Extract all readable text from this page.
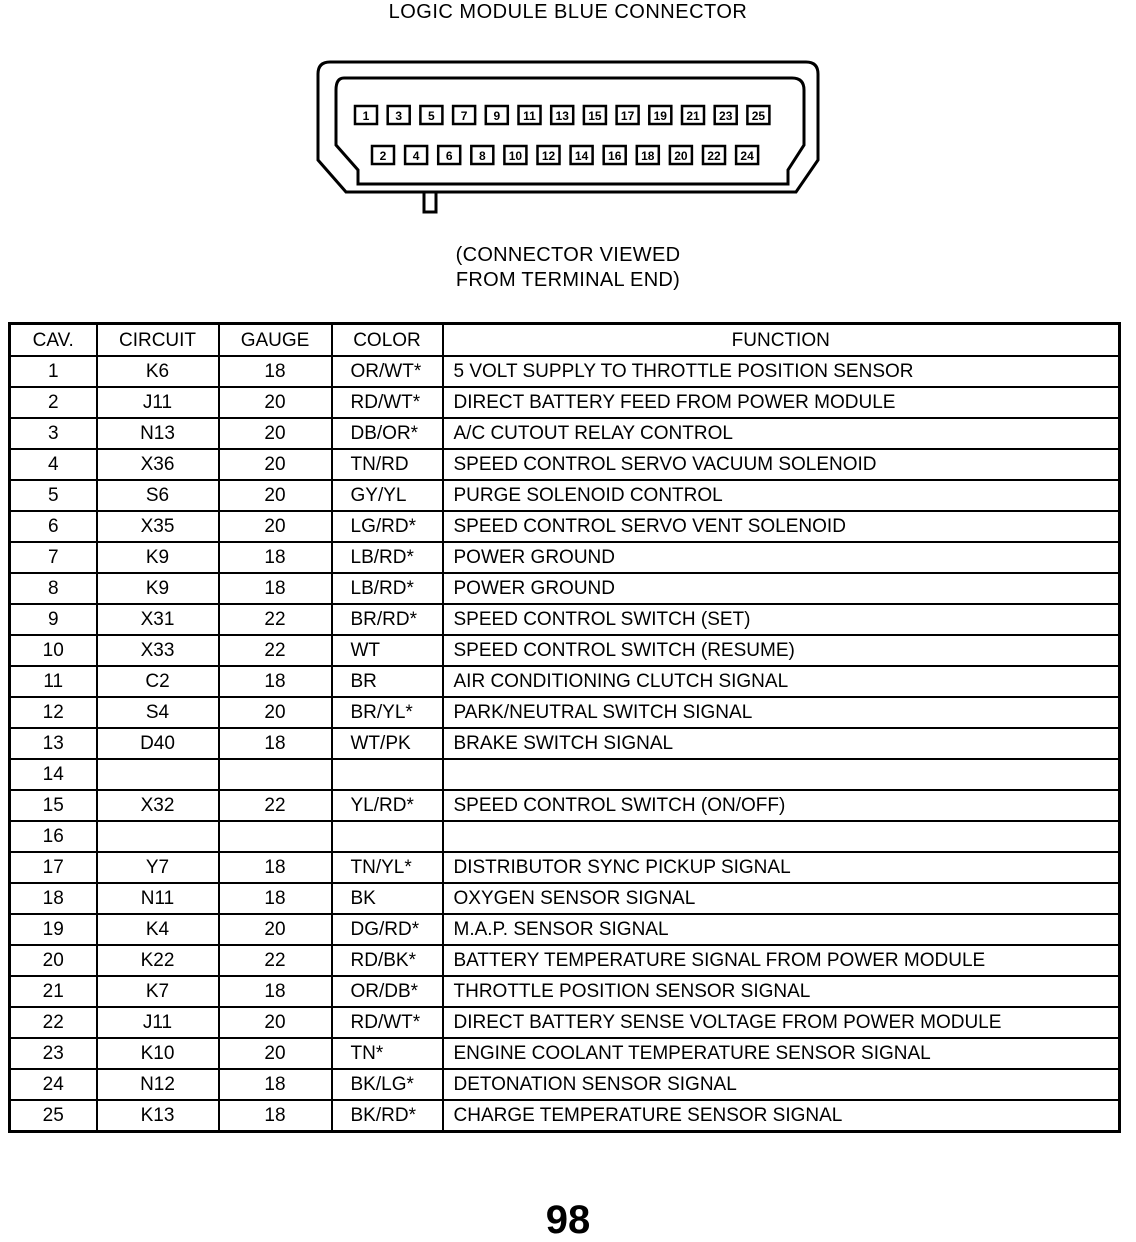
LOGIC MODULE BLUE CONNECTOR
1 3 5 7 9 11 13 15 17 19 21 23 25
2 4 6 8 10 12 14 16 18 20 22 24
(CONNECTOR VIEWED
FROM TERMINAL END)
CAV.	CIRCUIT	GAUGE	COLOR	FUNCTION
1	K6	18	OR/WT*	5 VOLT SUPPLY TO THROTTLE POSITION SENSOR
2	J11	20	RD/WT*	DIRECT BATTERY FEED FROM POWER MODULE
3	N13	20	DB/OR*	A/C CUTOUT RELAY CONTROL
4	X36	20	TN/RD	SPEED CONTROL SERVO VACUUM SOLENOID
5	S6	20	GY/YL	PURGE SOLENOID CONTROL
6	X35	20	LG/RD*	SPEED CONTROL SERVO VENT SOLENOID
7	K9	18	LB/RD*	POWER GROUND
8	K9	18	LB/RD*	POWER GROUND
9	X31	22	BR/RD*	SPEED CONTROL SWITCH (SET)
10	X33	22	WT	SPEED CONTROL SWITCH (RESUME)
11	C2	18	BR	AIR CONDITIONING CLUTCH SIGNAL
12	S4	20	BR/YL*	PARK/NEUTRAL SWITCH SIGNAL
13	D40	18	WT/PK	BRAKE SWITCH SIGNAL
14				
15	X32	22	YL/RD*	SPEED CONTROL SWITCH (ON/OFF)
16				
17	Y7	18	TN/YL*	DISTRIBUTOR SYNC PICKUP SIGNAL
18	N11	18	BK	OXYGEN SENSOR SIGNAL
19	K4	20	DG/RD*	M.A.P. SENSOR SIGNAL
20	K22	22	RD/BK*	BATTERY TEMPERATURE SIGNAL FROM POWER MODULE
21	K7	18	OR/DB*	THROTTLE POSITION SENSOR SIGNAL
22	J11	20	RD/WT*	DIRECT BATTERY SENSE VOLTAGE FROM POWER MODULE
23	K10	20	TN*	ENGINE COOLANT TEMPERATURE SENSOR SIGNAL
24	N12	18	BK/LG*	DETONATION SENSOR SIGNAL
25	K13	18	BK/RD*	CHARGE TEMPERATURE SENSOR SIGNAL
98
